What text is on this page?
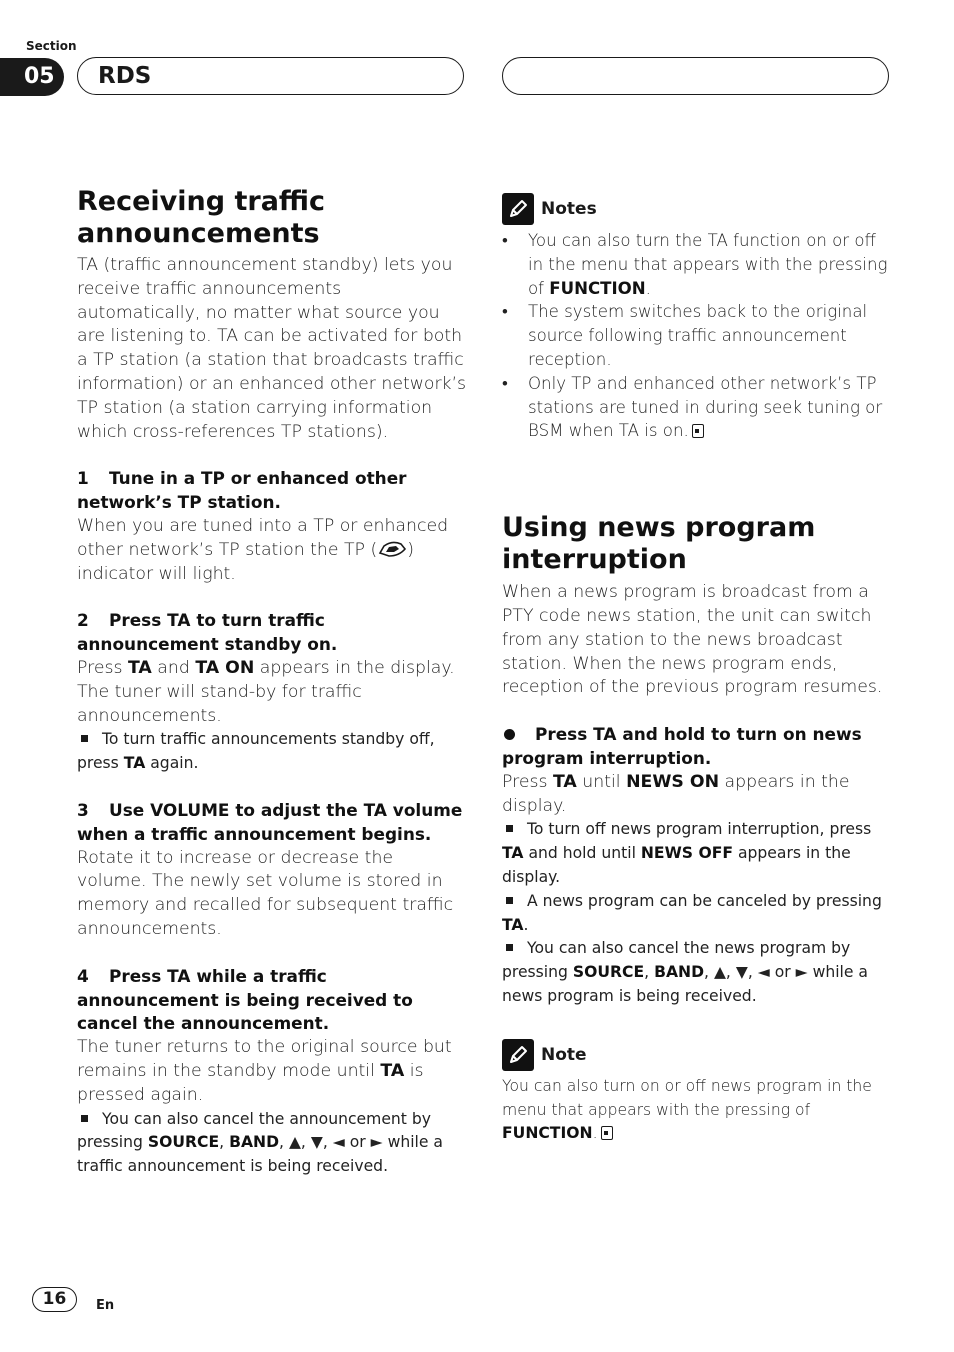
Section
05	RDS
Receiving traffic
announcements

TA (traffic announcement standby) lets you receive traffic announcements automatically, no matter what source you are listening to. TA can be activated for both a TP station (a station that broadcasts traffic information) or an enhanced other network’s TP station (a station carrying information which cross-references TP stations).

1 Tune in a TP or enhanced other network’s TP station.

When you are tuned into a TP or enhanced other network’s TP station the TP ( ) indicator will light.

2 Press TA to turn traffic announcement standby on.

Press TA and TA ON appears in the display. The tuner will stand-by for traffic announcements.

To turn traffic announcements standby off, press TA again.

3 Use VOLUME to adjust the TA volume when a traffic announcement begins.

Rotate it to increase or decrease the volume. The newly set volume is stored in memory and recalled for subsequent traffic announcements.

4 Press TA while a traffic announcement is being received to cancel the announcement.

The tuner returns to the original source but remains in the standby mode until TA is pressed again.

You can also cancel the announcement by pressing SOURCE, BAND, ▲, ▼, ◄ or ► while a traffic announcement is being received.

Notes
• You can also turn the TA function on or off in the menu that appears with the pressing of FUNCTION.
• The system switches back to the original source following traffic announcement reception.
• Only TP and enhanced other network’s TP stations are tuned in during seek tuning or BSM when TA is on.
Using news program
interruption

When a news program is broadcast from a PTY code news station, the unit can switch from any station to the news broadcast station. When the news program ends, reception of the previous program resumes.

Press TA and hold to turn on news program interruption.

Press TA until NEWS ON appears in the display.

To turn off news program interruption, press TA and hold until NEWS OFF appears in the display.

A news program can be canceled by pressing TA.

You can also cancel the news program by pressing SOURCE, BAND, ▲, ▼, ◄ or ► while a news program is being received.

Note

You can also turn on or off news program in the menu that appears with the pressing of FUNCTION.

16	En
